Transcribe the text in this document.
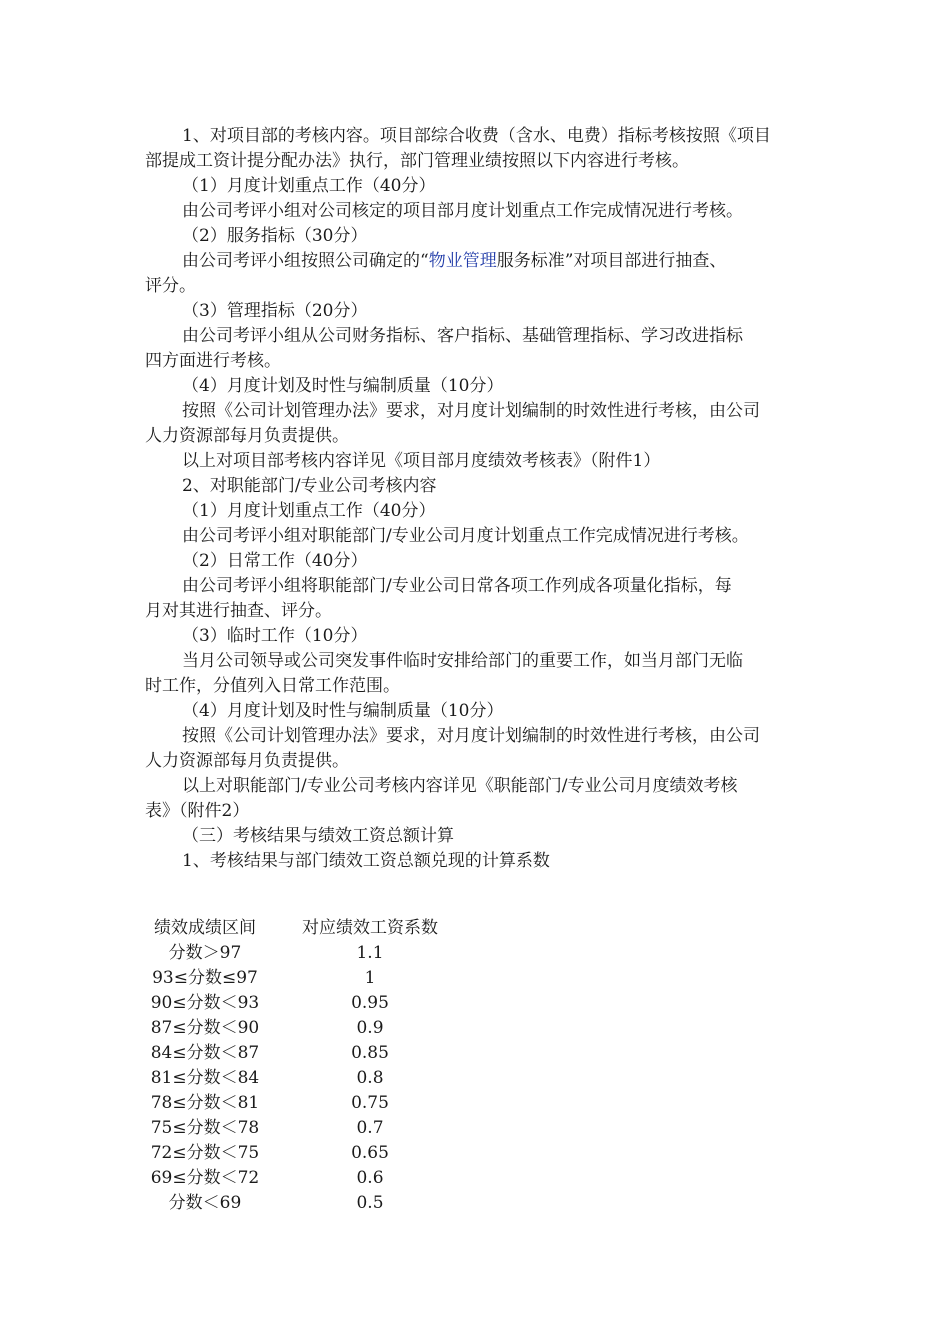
1、对项目部的考核内容。项目部综合收费（含水、电费）指标考核按照《项目
部提成工资计提分配办法》执行，部门管理业绩按照以下内容进行考核。
（1）月度计划重点工作（40分）
由公司考评小组对公司核定的项目部月度计划重点工作完成情况进行考核。
（2）服务指标（30分）
由公司考评小组按照公司确定的“物业管理服务标准”对项目部进行抽查、
评分。
（3）管理指标（20分）
由公司考评小组从公司财务指标、客户指标、基础管理指标、学习改进指标
四方面进行考核。
（4）月度计划及时性与编制质量（10分）
按照《公司计划管理办法》要求，对月度计划编制的时效性进行考核，由公司
人力资源部每月负责提供。
以上对项目部考核内容详见《项目部月度绩效考核表》（附件1）
2、对职能部门/专业公司考核内容
（1）月度计划重点工作（40分）
由公司考评小组对职能部门/专业公司月度计划重点工作完成情况进行考核。
（2）日常工作（40分）
由公司考评小组将职能部门/专业公司日常各项工作列成各项量化指标，每
月对其进行抽查、评分。
（3）临时工作（10分）
当月公司领导或公司突发事件临时安排给部门的重要工作，如当月部门无临
时工作，分值列入日常工作范围。
（4）月度计划及时性与编制质量（10分）
按照《公司计划管理办法》要求，对月度计划编制的时效性进行考核，由公司
人力资源部每月负责提供。
以上对职能部门/专业公司考核内容详见《职能部门/专业公司月度绩效考核
表》（附件2）
（三）考核结果与绩效工资总额计算
1、考核结果与部门绩效工资总额兑现的计算系数
绩效成绩区间	对应绩效工资系数
分数＞97	1.1
93≤分数≤97	1
90≤分数＜93	0.95
87≤分数＜90	0.9
84≤分数＜87	0.85
81≤分数＜84	0.8
78≤分数＜81	0.75
75≤分数＜78	0.7
72≤分数＜75	0.65
69≤分数＜72	0.6
分数＜69	0.5
